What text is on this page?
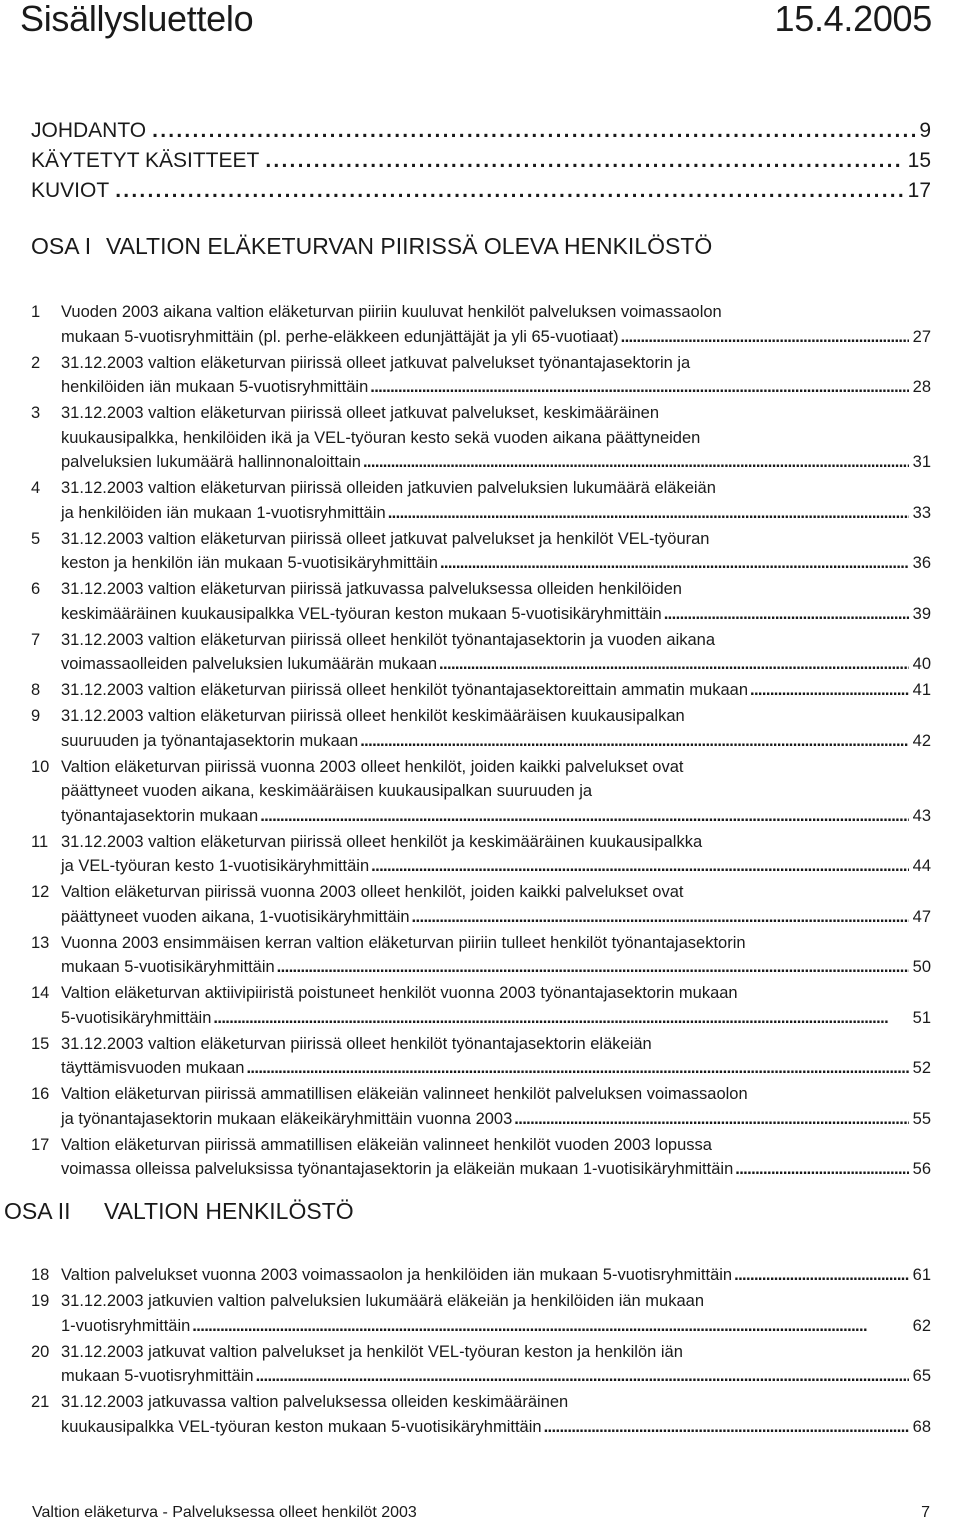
Sisällysluettelo	15.4.2005
JOHDANTO . . .	9
KÄYTETYT KÄSITTEET . . .	15
KUVIOT . . .	17
OSA I VALTION ELÄKETURVAN PIIRISSÄ OLEVA HENKILÖSTÖ
1	Vuoden 2003 aikana valtion eläketurvan piiriin kuuluvat henkilöt palveluksen voimassaolon
mukaan 5-vuotisryhmittäin (pl. perhe-eläkkeen edunjättäjät ja yli 65-vuotiaat) . . .	27
2	31.12.2003 valtion eläketurvan piirissä olleet jatkuvat palvelukset työnantajasektorin ja
henkilöiden iän mukaan 5-vuotisryhmittäin . . .	28
3	31.12.2003 valtion eläketurvan piirissä olleet jatkuvat palvelukset, keskimääräinen
kuukausipalkka, henkilöiden ikä ja VEL-työuran kesto sekä vuoden aikana päättyneiden
palveluksien lukumäärä hallinnonaloittain . . .	31
4	31.12.2003 valtion eläketurvan piirissä olleiden jatkuvien palveluksien lukumäärä eläkeiän
ja henkilöiden iän mukaan 1-vuotisryhmittäin . . .	33
5	31.12.2003 valtion eläketurvan piirissä olleet jatkuvat palvelukset ja henkilöt VEL-työuran
keston ja henkilön iän mukaan 5-vuotisikäryhmittäin . . .	36
6	31.12.2003 valtion eläketurvan piirissä jatkuvassa palveluksessa olleiden henkilöiden
keskimääräinen kuukausipalkka VEL-työuran keston mukaan 5-vuotisikäryhmittäin . . .	39
7	31.12.2003 valtion eläketurvan piirissä olleet henkilöt työnantajasektorin ja vuoden aikana
voimassaolleiden palveluksien lukumäärän mukaan . . .	40
8	31.12.2003 valtion eläketurvan piirissä olleet henkilöt työnantajasektoreittain ammatin mukaan . . .	41
9	31.12.2003 valtion eläketurvan piirissä olleet henkilöt keskimääräisen kuukausipalkan
suuruuden ja työnantajasektorin mukaan . . .	42
10 Valtion eläketurvan piirissä vuonna 2003 olleet henkilöt, joiden kaikki palvelukset ovat
päättyneet vuoden aikana, keskimääräisen kuukausipalkan suuruuden ja
työnantajasektorin mukaan . . .	43
11 31.12.2003 valtion eläketurvan piirissä olleet henkilöt ja keskimääräinen kuukausipalkka
ja VEL-työuran kesto 1-vuotisikäryhmittäin . . .	44
12 Valtion eläketurvan piirissä vuonna 2003 olleet henkilöt, joiden kaikki palvelukset ovat
päättyneet vuoden aikana, 1-vuotisikäryhmittäin . . .	47
13 Vuonna 2003 ensimmäisen kerran valtion eläketurvan piiriin tulleet henkilöt työnantajasektorin
mukaan 5-vuotisikäryhmittäin . . .	50
14 Valtion eläketurvan aktiivipiiristä poistuneet henkilöt vuonna 2003 työnantajasektorin mukaan
5-vuotisikäryhmittäin . . .	51
15 31.12.2003 valtion eläketurvan piirissä olleet henkilöt työnantajasektorin eläkeiän
täyttämisvuoden mukaan . . .	52
16 Valtion eläketurvan piirissä ammatillisen eläkeiän valinneet henkilöt palveluksen voimassaolon
ja työnantajasektorin mukaan eläkeikäryhmittäin vuonna 2003 . . .	55
17 Valtion eläketurvan piirissä ammatillisen eläkeiän valinneet henkilöt vuoden 2003 lopussa
voimassa olleissa palveluksissa työnantajasektorin ja eläkeiän mukaan 1-vuotisikäryhmittäin . . .	56
OSA II VALTION HENKILÖSTÖ
18 Valtion palvelukset vuonna 2003 voimassaolon ja henkilöiden iän mukaan 5-vuotisryhmittäin . . .	61
19 31.12.2003 jatkuvien valtion palveluksien lukumäärä eläkeiän ja henkilöiden iän mukaan
1-vuotisryhmittäin . . .	62
20 31.12.2003 jatkuvat valtion palvelukset ja henkilöt VEL-työuran keston ja henkilön iän
mukaan 5-vuotisryhmittäin . . .	65
21 31.12.2003 jatkuvassa valtion palveluksessa olleiden keskimääräinen
kuukausipalkka VEL-työuran keston mukaan 5-vuotisikäryhmittäin . . .	68
Valtion eläketurva - Palveluksessa olleet henkilöt 2003	7
